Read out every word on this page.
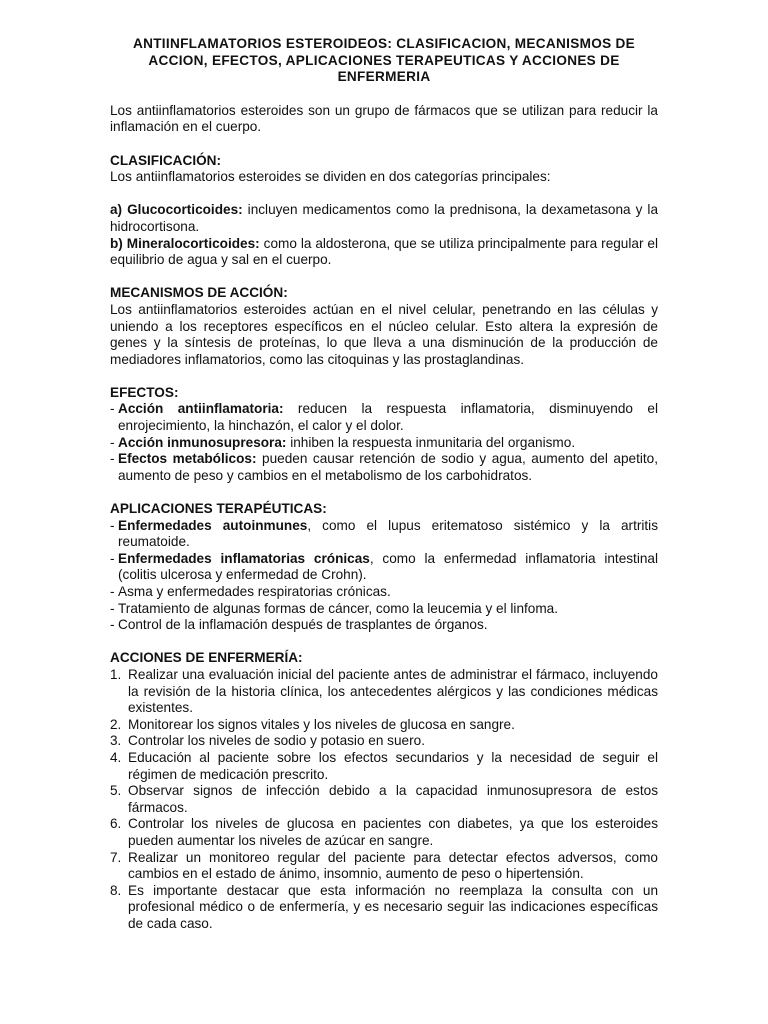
ANTIINFLAMATORIOS ESTEROIDEOS: CLASIFICACION, MECANISMOS DE ACCION, EFECTOS, APLICACIONES TERAPEUTICAS Y ACCIONES DE ENFERMERIA

Los antiinflamatorios esteroides son un grupo de fármacos que se utilizan para reducir la inflamación en el cuerpo.

CLASIFICACIÓN:

Los antiinflamatorios esteroides se dividen en dos categorías principales:

a) Glucocorticoides: incluyen medicamentos como la prednisona, la dexametasona y la hidrocortisona.

b) Mineralocorticoides: como la aldosterona, que se utiliza principalmente para regular el equilibrio de agua y sal en el cuerpo.

MECANISMOS DE ACCIÓN:

Los antiinflamatorios esteroides actúan en el nivel celular, penetrando en las células y uniendo a los receptores específicos en el núcleo celular. Esto altera la expresión de genes y la síntesis de proteínas, lo que lleva a una disminución de la producción de mediadores inflamatorios, como las citoquinas y las prostaglandinas.

EFECTOS:
- Acción antiinflamatoria: reducen la respuesta inflamatoria, disminuyendo el enrojecimiento, la hinchazón, el calor y el dolor.
- Acción inmunosupresora: inhiben la respuesta inmunitaria del organismo.
- Efectos metabólicos: pueden causar retención de sodio y agua, aumento del apetito, aumento de peso y cambios en el metabolismo de los carbohidratos.
APLICACIONES TERAPÉUTICAS:
- Enfermedades autoinmunes, como el lupus eritematoso sistémico y la artritis reumatoide.
- Enfermedades inflamatorias crónicas, como la enfermedad inflamatoria intestinal (colitis ulcerosa y enfermedad de Crohn).
- Asma y enfermedades respiratorias crónicas.
- Tratamiento de algunas formas de cáncer, como la leucemia y el linfoma.
- Control de la inflamación después de trasplantes de órganos.
ACCIONES DE ENFERMERÍA:
1. Realizar una evaluación inicial del paciente antes de administrar el fármaco, incluyendo la revisión de la historia clínica, los antecedentes alérgicos y las condiciones médicas existentes.
2. Monitorear los signos vitales y los niveles de glucosa en sangre.
3. Controlar los niveles de sodio y potasio en suero.
4. Educación al paciente sobre los efectos secundarios y la necesidad de seguir el régimen de medicación prescrito.
5. Observar signos de infección debido a la capacidad inmunosupresora de estos fármacos.
6. Controlar los niveles de glucosa en pacientes con diabetes, ya que los esteroides pueden aumentar los niveles de azúcar en sangre.
7. Realizar un monitoreo regular del paciente para detectar efectos adversos, como cambios en el estado de ánimo, insomnio, aumento de peso o hipertensión.
8. Es importante destacar que esta información no reemplaza la consulta con un profesional médico o de enfermería, y es necesario seguir las indicaciones específicas de cada caso.
